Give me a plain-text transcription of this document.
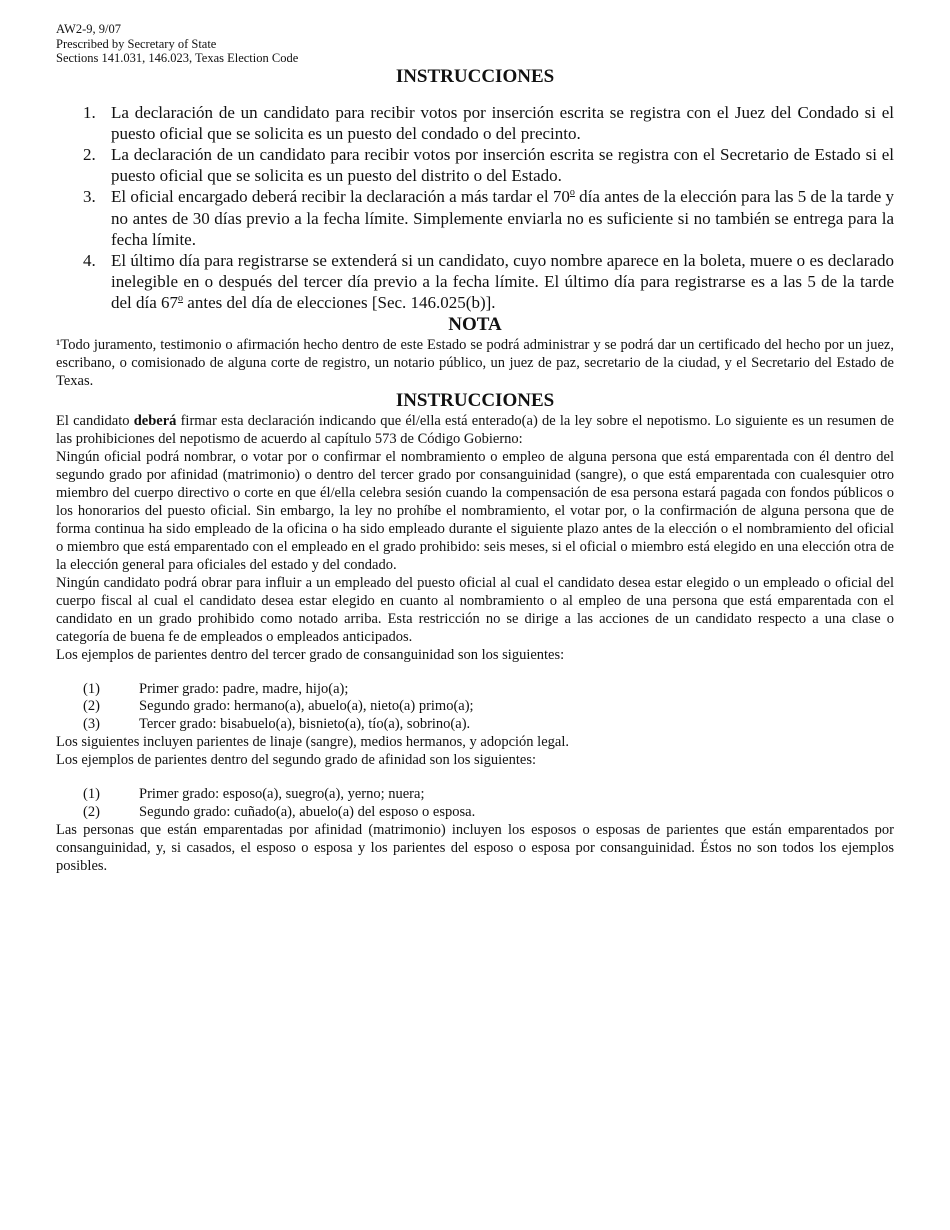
AW2-9, 9/07
Prescribed by Secretary of State
Sections 141.031, 146.023, Texas Election Code
INSTRUCCIONES
1. La declaración de un candidato para recibir votos por inserción escrita se registra con el Juez del Condado si el puesto oficial que se solicita es un puesto del condado o del precinto.
2. La declaración de un candidato para recibir votos por inserción escrita se registra con el Secretario de Estado si el puesto oficial que se solicita es un puesto del distrito o del Estado.
3. El oficial encargado deberá recibir la declaración a más tardar el 70$^o$ día antes de la elección para las 5 de la tarde y no antes de 30 días previo a la fecha límite. Simplemente enviarla no es suficiente si no también se entrega para la fecha límite.
4. El último día para registrarse se extenderá si un candidato, cuyo nombre aparece en la boleta, muere o es declarado inelegible en o después del tercer día previo a la fecha límite. El último día para registrarse es a las 5 de la tarde del día 67$^o$ antes del día de elecciones [Sec. 146.025(b)].
NOTA

¹Todo juramento, testimonio o afirmación hecho dentro de este Estado se podrá administrar y se podrá dar un certificado del hecho por un juez, escribano, o comisionado de alguna corte de registro, un notario público, un juez de paz, secretario de la ciudad, y el Secretario del Estado de Texas.

INSTRUCCIONES

El candidato deberá firmar esta declaración indicando que él/ella está enterado(a) de la ley sobre el nepotismo. Lo siguiente es un resumen de las prohibiciones del nepotismo de acuerdo al capítulo 573 de Código Gobierno:

Ningún oficial podrá nombrar, o votar por o confirmar el nombramiento o empleo de alguna persona que está emparentada con él dentro del segundo grado por afinidad (matrimonio) o dentro del tercer grado por consanguinidad (sangre), o que está emparentada con cualesquier otro miembro del cuerpo directivo o corte en que él/ella celebra sesión cuando la compensación de esa persona estará pagada con fondos públicos o los honorarios del puesto oficial. Sin embargo, la ley no prohíbe el nombramiento, el votar por, o la confirmación de alguna persona que de forma continua ha sido empleado de la oficina o ha sido empleado durante el siguiente plazo antes de la elección o el nombramiento del oficial o miembro que está emparentado con el empleado en el grado prohibido: seis meses, si el oficial o miembro está elegido en una elección otra de la elección general para oficiales del estado y del condado.

Ningún candidato podrá obrar para influir a un empleado del puesto oficial al cual el candidato desea estar elegido o un empleado o oficial del cuerpo fiscal al cual el candidato desea estar elegido en cuanto al nombramiento o al empleo de una persona que está emparentada con el candidato en un grado prohibido como notado arriba. Esta restricción no se dirige a las acciones de un candidato respecto a una clase o categoría de buena fe de empleados o empleados anticipados.

Los ejemplos de parientes dentro del tercer grado de consanguinidad son los siguientes:

(1)	Primer grado: padre, madre, hijo(a);
(2)	Segundo grado: hermano(a), abuelo(a), nieto(a) primo(a);
(3)	Tercer grado: bisabuelo(a), bisnieto(a), tío(a), sobrino(a).

Los siguientes incluyen parientes de linaje (sangre), medios hermanos, y adopción legal.

Los ejemplos de parientes dentro del segundo grado de afinidad son los siguientes:

(1)	Primer grado: esposo(a), suegro(a), yerno; nuera;
(2)	Segundo grado: cuñado(a), abuelo(a) del esposo o esposa.

Las personas que están emparentadas por afinidad (matrimonio) incluyen los esposos o esposas de parientes que están emparentados por consanguinidad, y, si casados, el esposo o esposa y los parientes del esposo o esposa por consanguinidad. Éstos no son todos los ejemplos posibles.
